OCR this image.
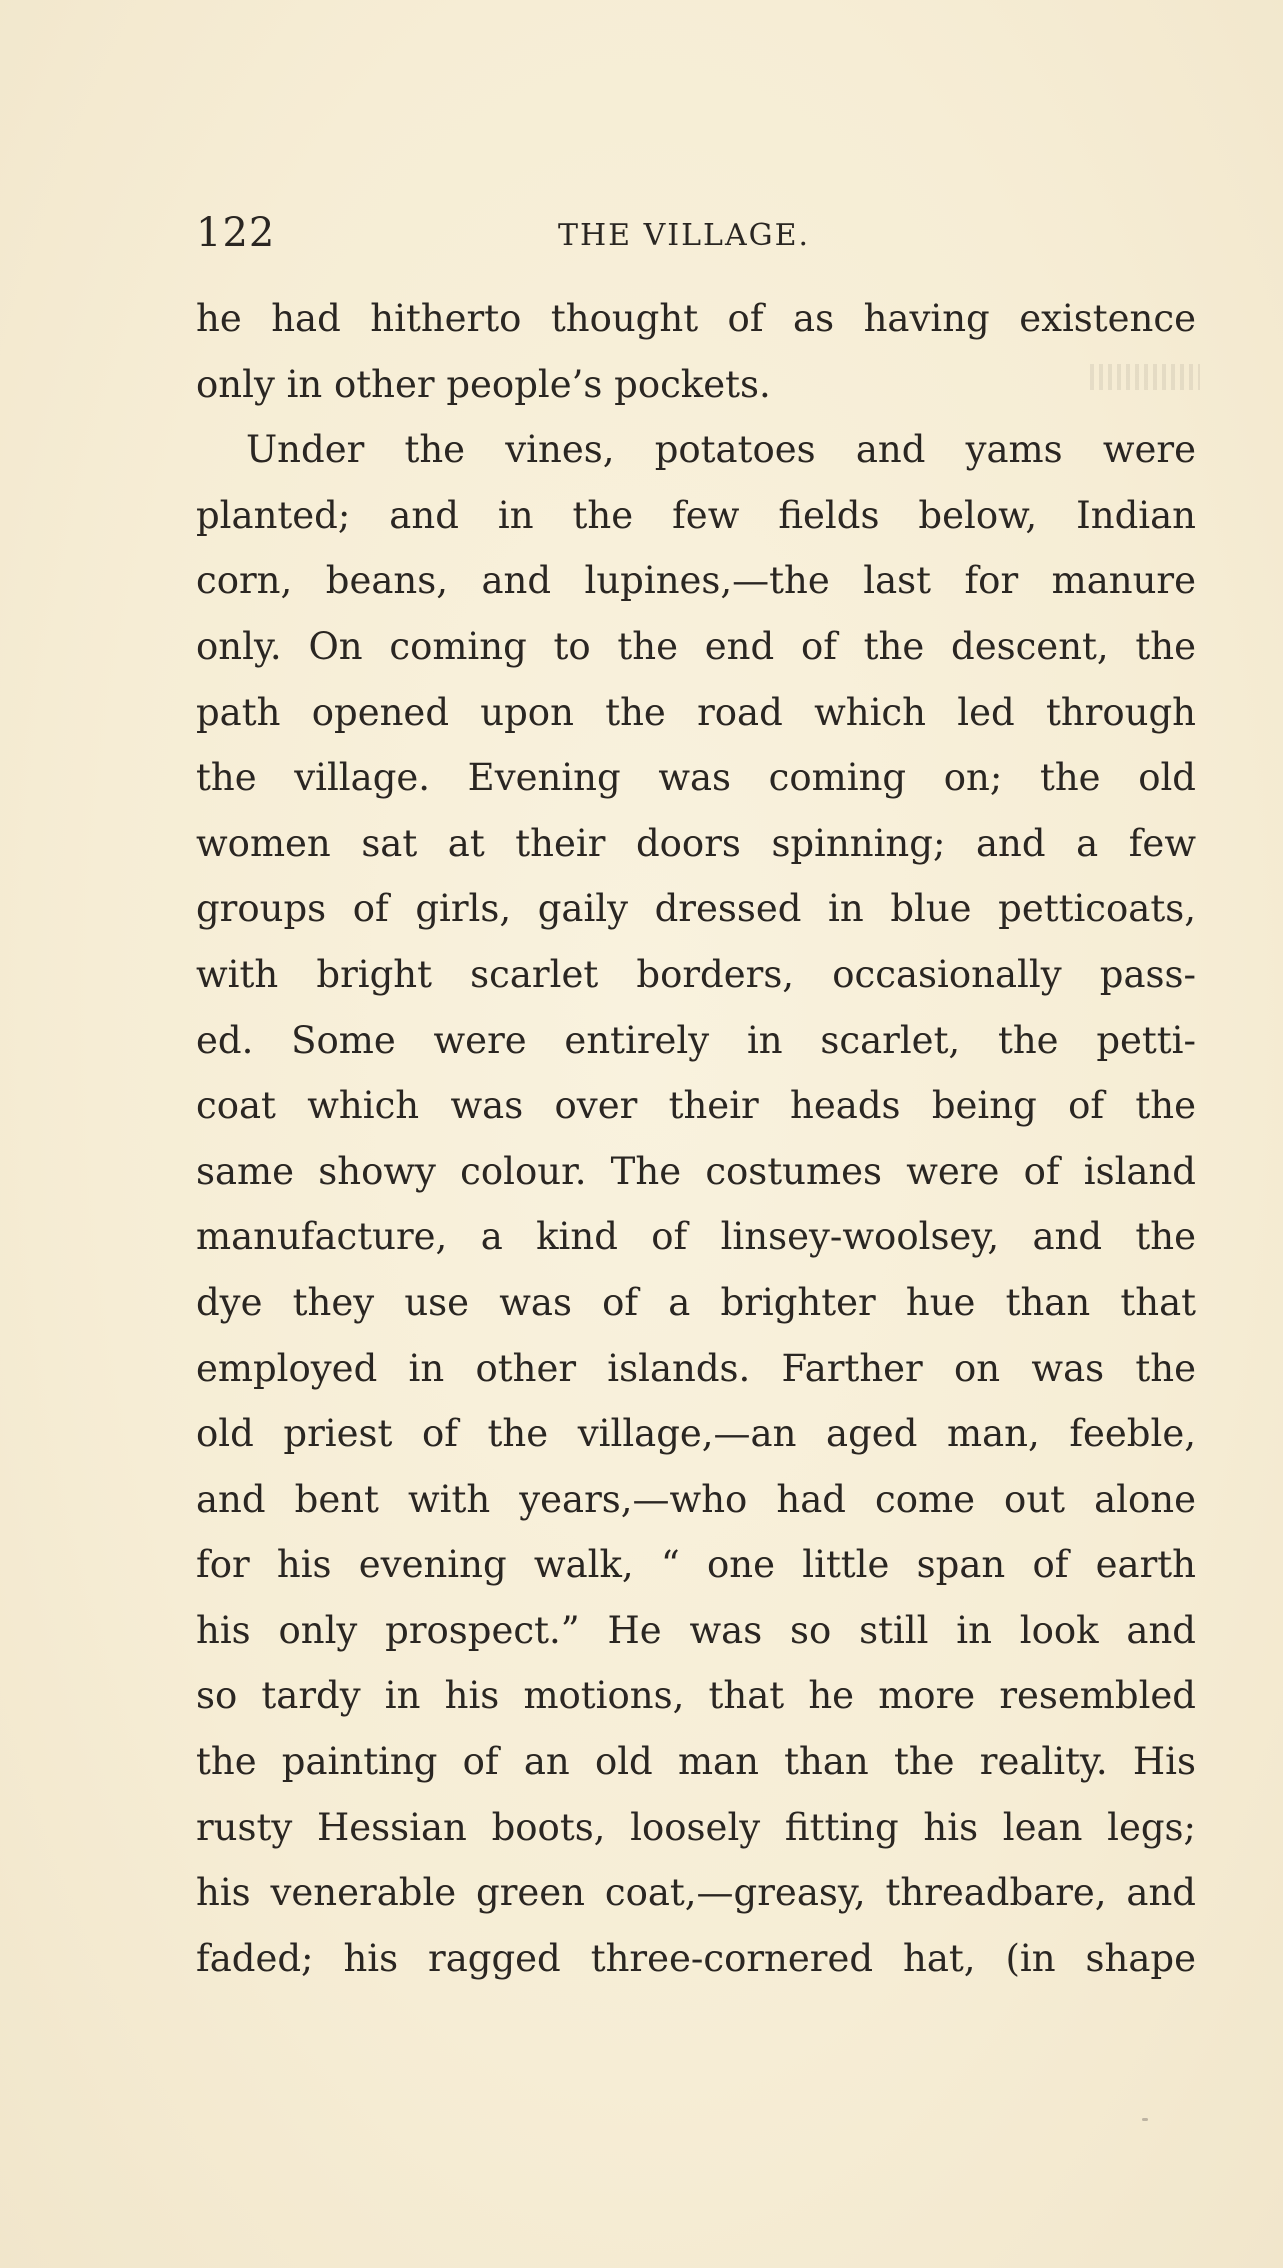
122	THE VILLAGE.
he had hitherto thought of as having existence
only in other people’s pockets.
Under the vines, potatoes and yams were
planted; and in the few fields below, Indian
corn, beans, and lupines,—the last for manure
only. On coming to the end of the descent, the
path opened upon the road which led through
the village. Evening was coming on; the old
women sat at their doors spinning; and a few
groups of girls, gaily dressed in blue petticoats,
with bright scarlet borders, occasionally pass-
ed. Some were entirely in scarlet, the petti-
coat which was over their heads being of the
same showy colour. The costumes were of island
manufacture, a kind of linsey-woolsey, and the
dye they use was of a brighter hue than that
employed in other islands. Farther on was the
old priest of the village,—an aged man, feeble,
and bent with years,—who had come out alone
for his evening walk, “ one little span of earth
his only prospect.” He was so still in look and
so tardy in his motions, that he more resembled
the painting of an old man than the reality. His
rusty Hessian boots, loosely fitting his lean legs;
his venerable green coat,—greasy, threadbare, and
faded; his ragged three-cornered hat, (in shape
